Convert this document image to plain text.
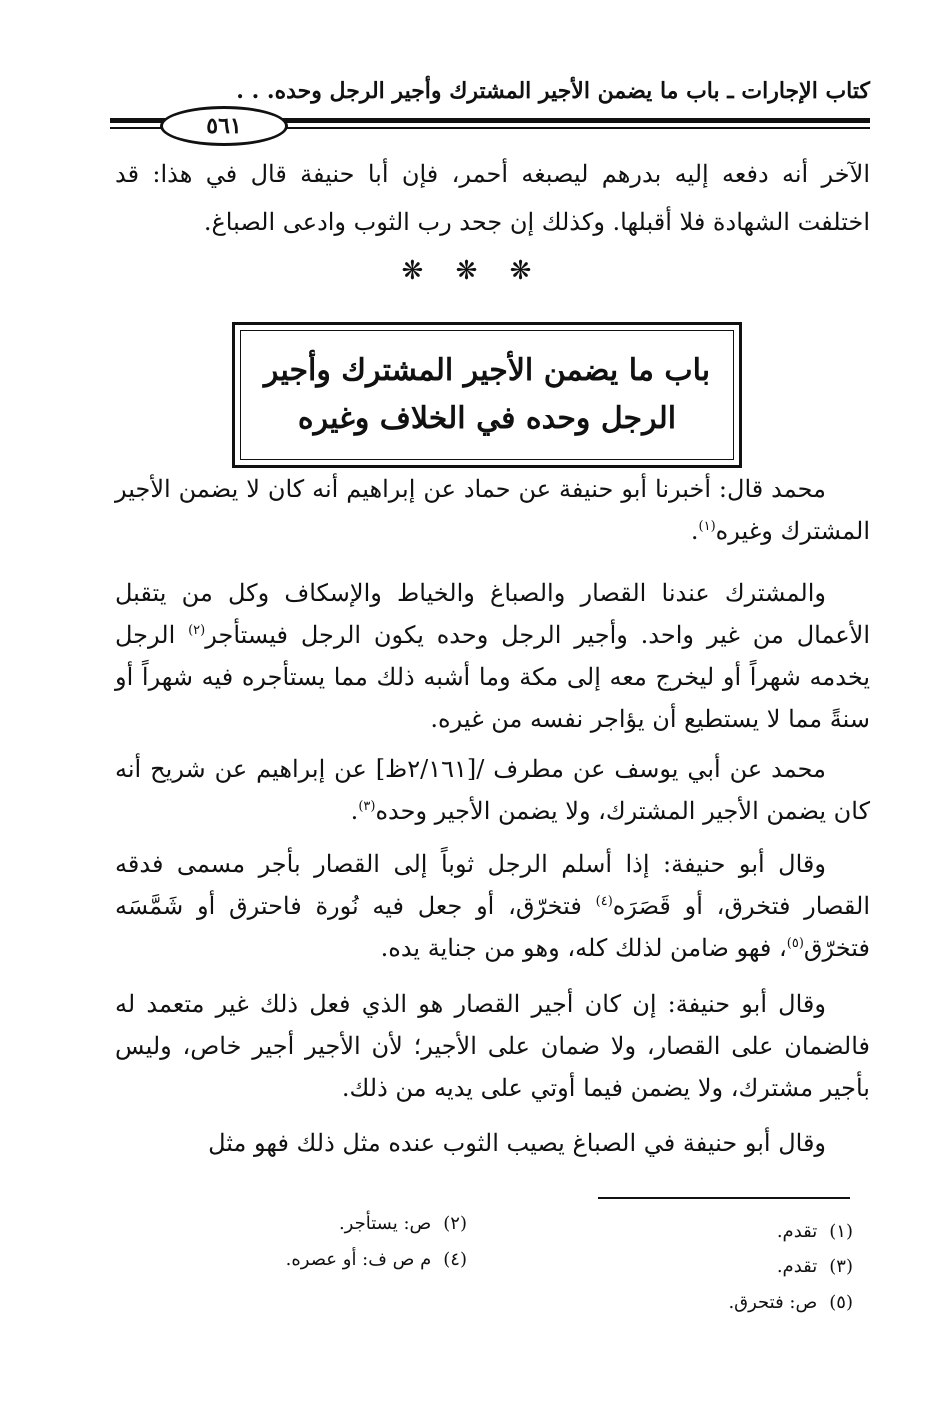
كتاب الإجارات ـ باب ما يضمن الأجير المشترك وأجير الرجل وحده. . .
٥٦١
الآخر أنه دفعه إليه بدرهم ليصبغه أحمر، فإن أبا حنيفة قال في هذا: قد اختلفت الشهادة فلا أقبلها. وكذلك إن جحد رب الثوب وادعى الصباغ.
❋ ❋ ❋
باب ما يضمن الأجير المشترك وأجير
الرجل وحده في الخلاف وغيره
محمد قال: أخبرنا أبو حنيفة عن حماد عن إبراهيم أنه كان لا يضمن الأجير المشترك وغيره$^{(١)}$.
والمشترك عندنا القصار والصباغ والخياط والإسكاف وكل من يتقبل الأعمال من غير واحد. وأجير الرجل وحده يكون الرجل فيستأجر$^{(٢)}$ الرجل يخدمه شهراً أو ليخرج معه إلى مكة وما أشبه ذلك مما يستأجره فيه شهراً أو سنةً مما لا يستطيع أن يؤاجر نفسه من غيره.
محمد عن أبي يوسف عن مطرف /[٢/١٦١ظ] عن إبراهيم عن شريح أنه كان يضمن الأجير المشترك، ولا يضمن الأجير وحده$^{(٣)}$.
وقال أبو حنيفة: إذا أسلم الرجل ثوباً إلى القصار بأجر مسمى فدقه القصار فتخرق، أو قَصَرَه$^{(٤)}$ فتخرّق، أو جعل فيه نُورة فاحترق أو شَمَّسَه فتخرّق$^{(٥)}$، فهو ضامن لذلك كله، وهو من جناية يده.
وقال أبو حنيفة: إن كان أجير القصار هو الذي فعل ذلك غير متعمد له فالضمان على القصار، ولا ضمان على الأجير؛ لأن الأجير أجير خاص، وليس بأجير مشترك، ولا يضمن فيما أوتي على يديه من ذلك.
وقال أبو حنيفة في الصباغ يصيب الثوب عنده مثل ذلك فهو مثل
(١)تقدم.
(٢)ص: يستأجر.
(٣)تقدم.
(٤)م ص ف: أو عصره.
(٥)ص: فتحرق.
